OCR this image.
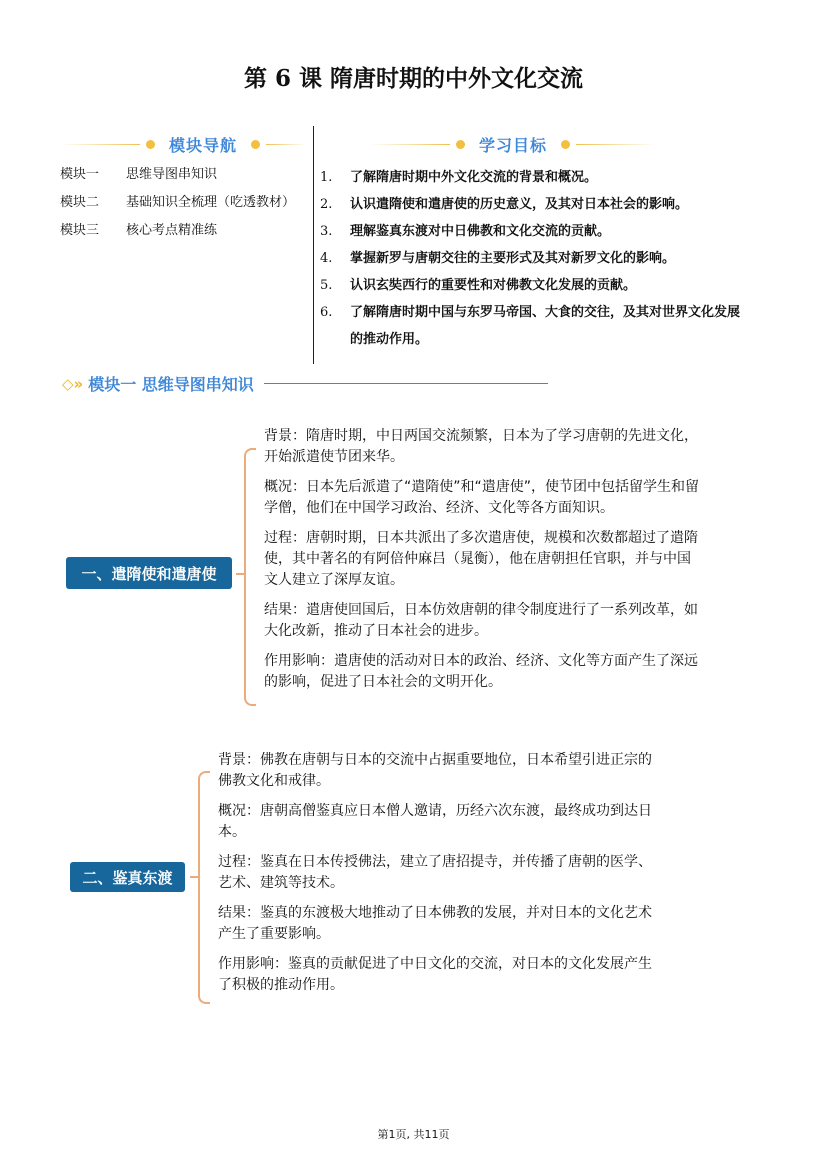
第 6 课 隋唐时期的中外文化交流
模块导航	学习目标
模块一	思维导图串知识
模块二	基础知识全梳理（吃透教材）
模块三	核心考点精准练
1.	了解隋唐时期中外文化交流的背景和概况。
2.	认识遣隋使和遣唐使的历史意义，及其对日本社会的影响。
3.	理解鉴真东渡对中日佛教和文化交流的贡献。
4.	掌握新罗与唐朝交往的主要形式及其对新罗文化的影响。
5.	认识玄奘西行的重要性和对佛教文化发展的贡献。
6.	了解隋唐时期中国与东罗马帝国、大食的交往，及其对世界文化发展的推动作用。
◇» 模块一 思维导图串知识
一、遣隋使和遣唐使

背景：隋唐时期，中日两国交流频繁，日本为了学习唐朝的先进文化，开始派遣使节团来华。

概况：日本先后派遣了“遣隋使”和“遣唐使”，使节团中包括留学生和留学僧，他们在中国学习政治、经济、文化等各方面知识。

过程：唐朝时期，日本共派出了多次遣唐使，规模和次数都超过了遣隋使，其中著名的有阿倍仲麻吕（晁衡），他在唐朝担任官职，并与中国文人建立了深厚友谊。

结果：遣唐使回国后，日本仿效唐朝的律令制度进行了一系列改革，如大化改新，推动了日本社会的进步。

作用影响：遣唐使的活动对日本的政治、经济、文化等方面产生了深远的影响，促进了日本社会的文明开化。

二、鉴真东渡

背景：佛教在唐朝与日本的交流中占据重要地位，日本希望引进正宗的佛教文化和戒律。

概况：唐朝高僧鉴真应日本僧人邀请，历经六次东渡，最终成功到达日本。

过程：鉴真在日本传授佛法，建立了唐招提寺，并传播了唐朝的医学、艺术、建筑等技术。

结果：鉴真的东渡极大地推动了日本佛教的发展，并对日本的文化艺术产生了重要影响。

作用影响：鉴真的贡献促进了中日文化的交流，对日本的文化发展产生了积极的推动作用。

第1页, 共11页
